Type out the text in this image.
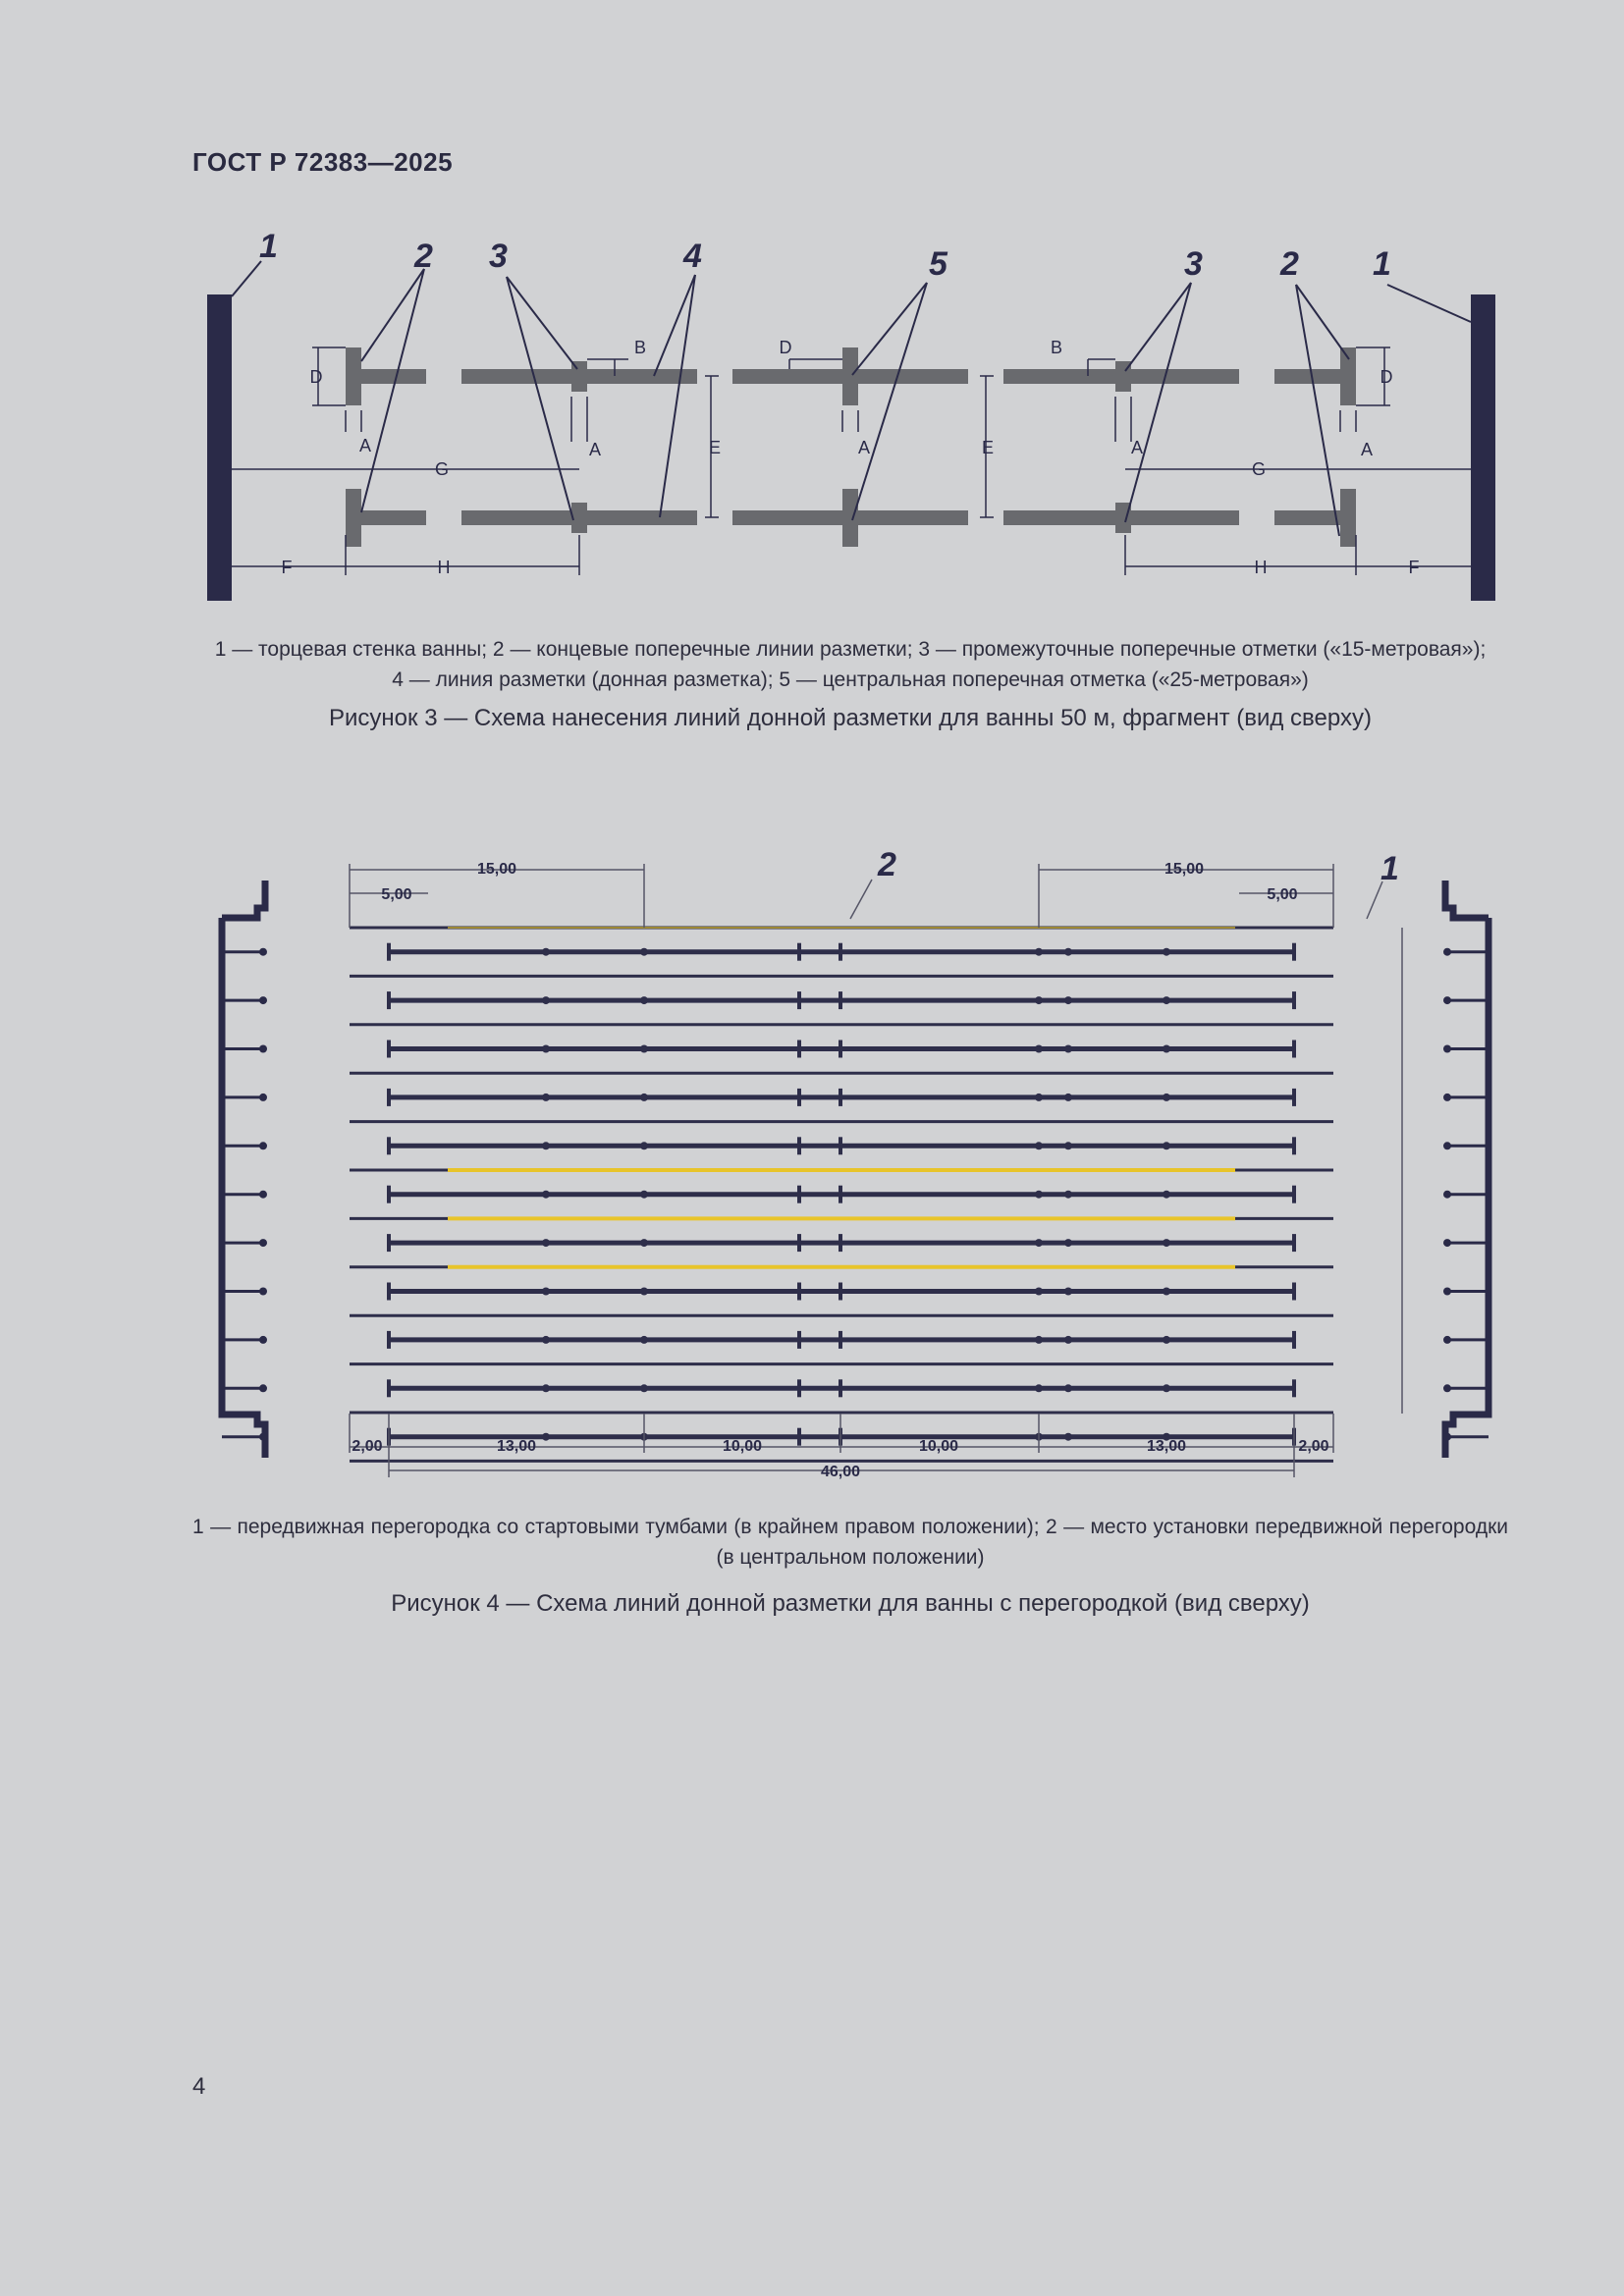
ГОСТ Р 72383—2025
1	2 3	4	5	3 2 1
D	D
D
B	B
A	A	A	A	A
E	E
G	G
F	F
H	H
1 — торцевая стенка ванны; 2 — концевые поперечные линии разметки; 3 — промежуточные поперечные отметки («15-метровая»);
4 — линия разметки (донная разметка); 5 — центральная поперечная отметка («25-метровая»)
Рисунок 3 — Схема нанесения линий донной разметки для ванны 50 м, фрагмент (вид сверху)
15,00
5,00
15,00
5,00
2,00	13,00	10,00	10,00	13,00	2,00
46,00
2	1
1 — передвижная перегородка со стартовыми тумбами (в крайнем правом положении); 2 — место установки передвижной перегородки (в центральном положении)
Рисунок 4 — Схема линий донной разметки для ванны с перегородкой (вид сверху)
4
